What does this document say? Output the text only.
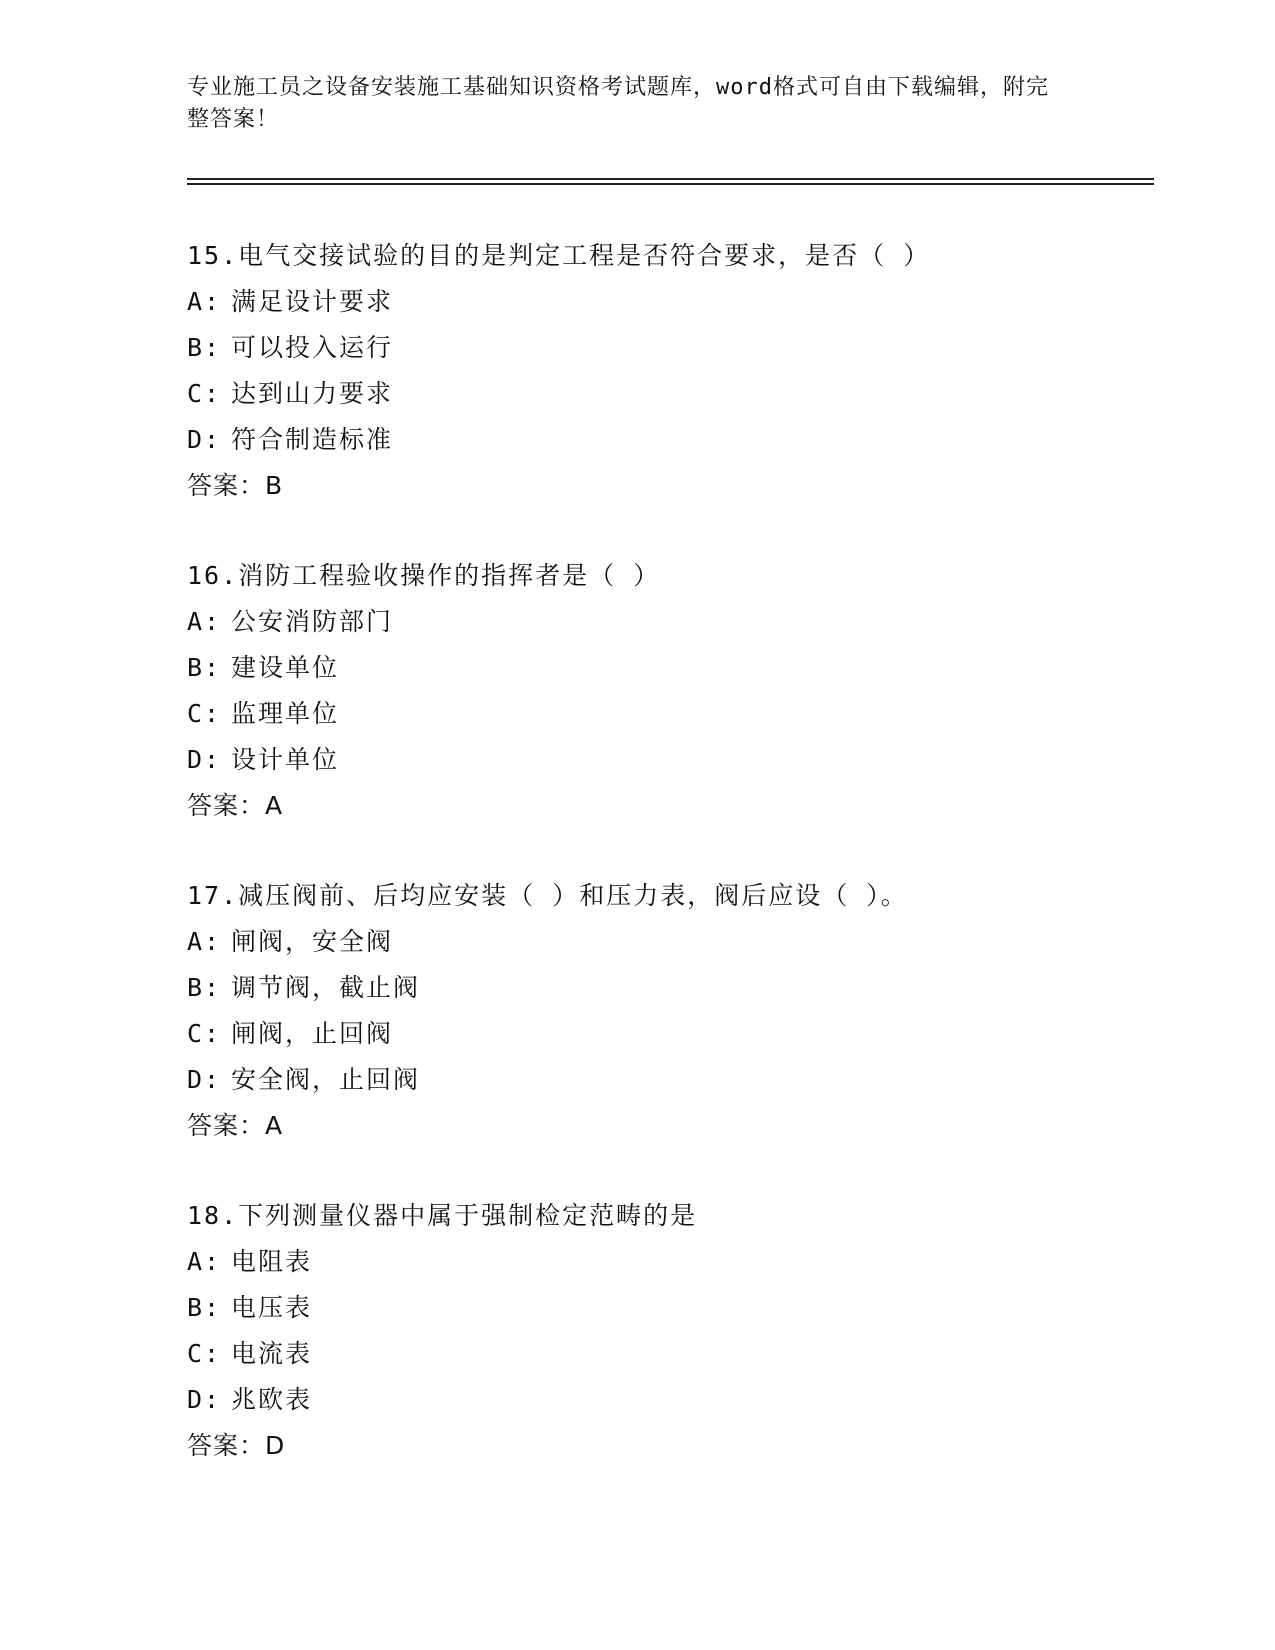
专业施工员之设备安装施工基础知识资格考试题库，word格式可自由下载编辑，附完整答案！
15.电气交接试验的目的是判定工程是否符合要求，是否（ ）
A: 满足设计要求
B: 可以投入运行
C: 达到山力要求
D: 符合制造标准
答案：B
16.消防工程验收操作的指挥者是（ ）
A: 公安消防部门
B: 建设单位
C: 监理单位
D: 设计单位
答案：A
17.减压阀前、后均应安装（ ）和压力表，阀后应设（ ）。
A: 闸阀，安全阀
B: 调节阀，截止阀
C: 闸阀，止回阀
D: 安全阀，止回阀
答案：A
18.下列测量仪器中属于强制检定范畴的是
A: 电阻表
B: 电压表
C: 电流表
D: 兆欧表
答案：D
